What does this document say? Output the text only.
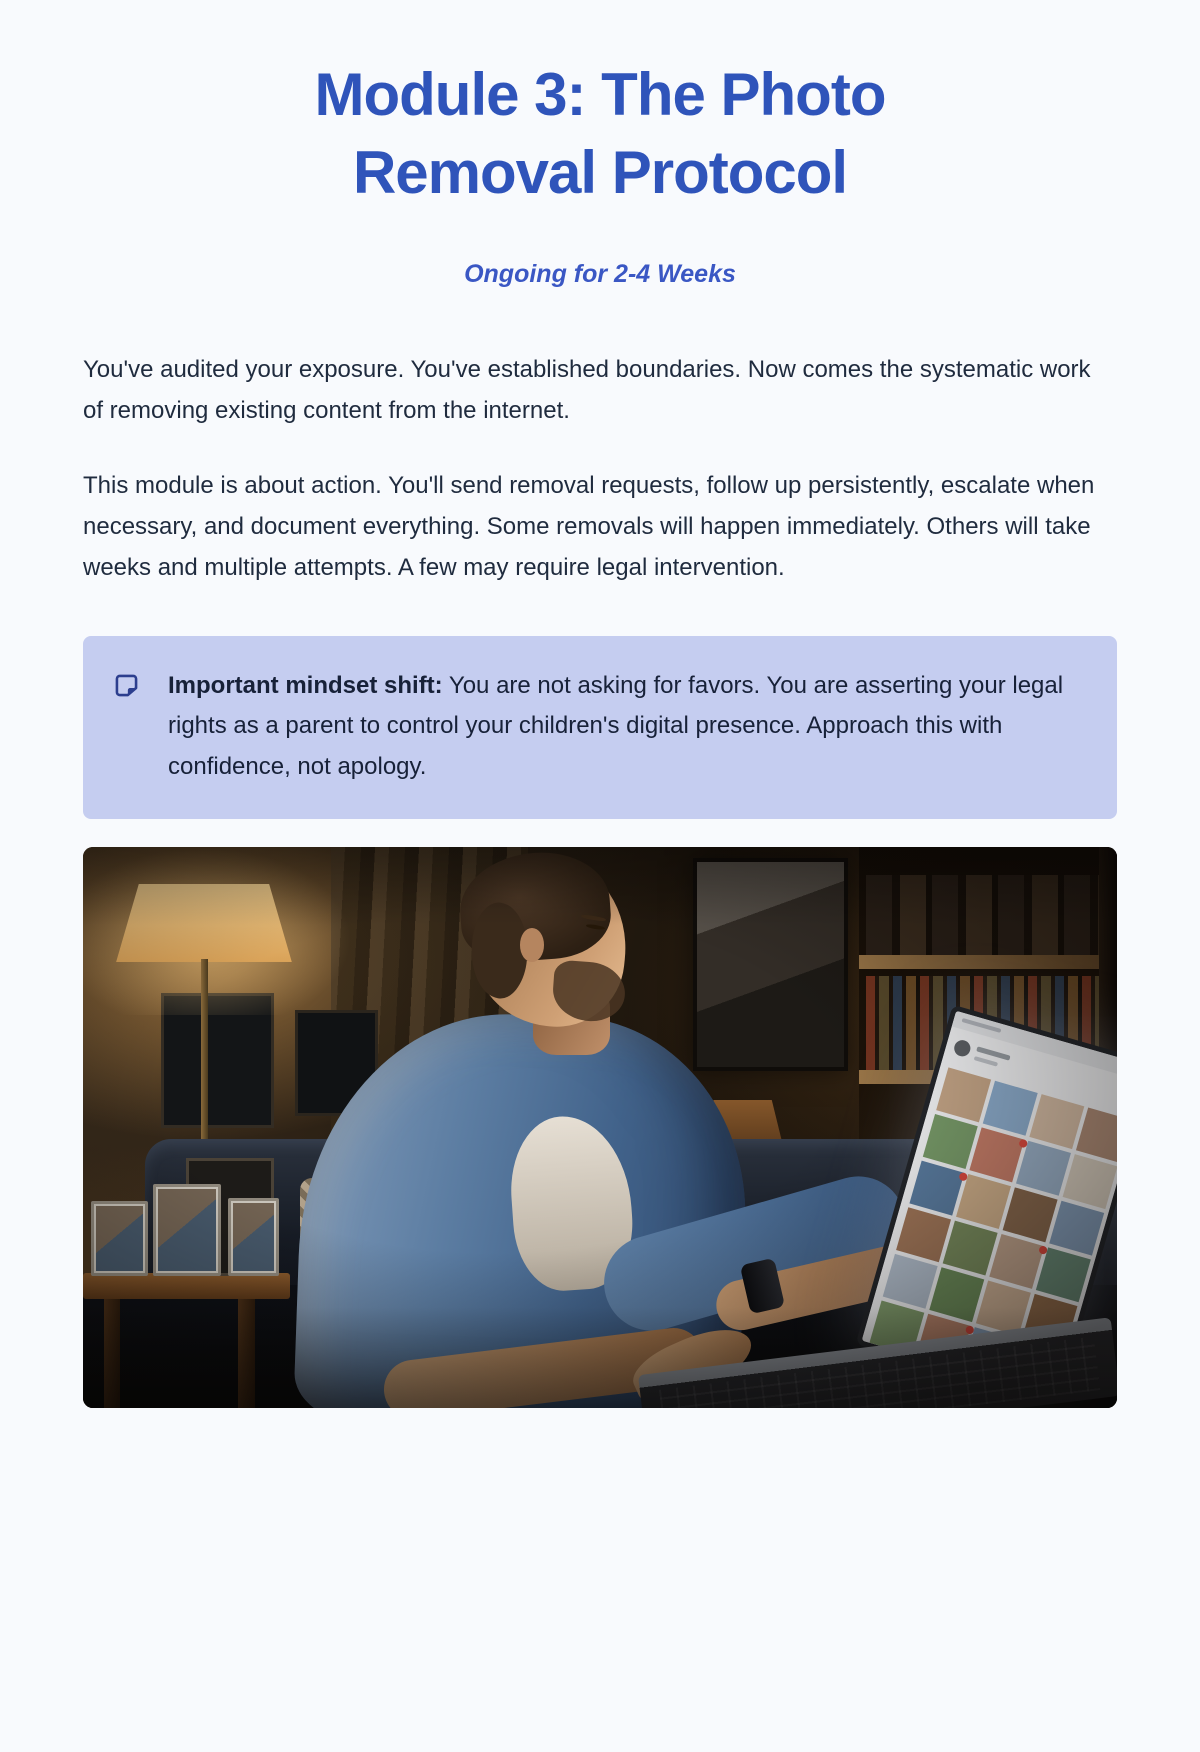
Module 3: The Photo
Removal Protocol
Ongoing for 2-4 Weeks

You've audited your exposure. You've established boundaries. Now comes the systematic work of removing existing content from the internet.

This module is about action. You'll send removal requests, follow up persistently, escalate when necessary, and document everything. Some removals will happen immediately. Others will take weeks and multiple attempts. A few may require legal intervention.

Important mindset shift: You are not asking for favors. You are asserting your legal rights as a parent to control your children's digital presence. Approach this with confidence, not apology.
